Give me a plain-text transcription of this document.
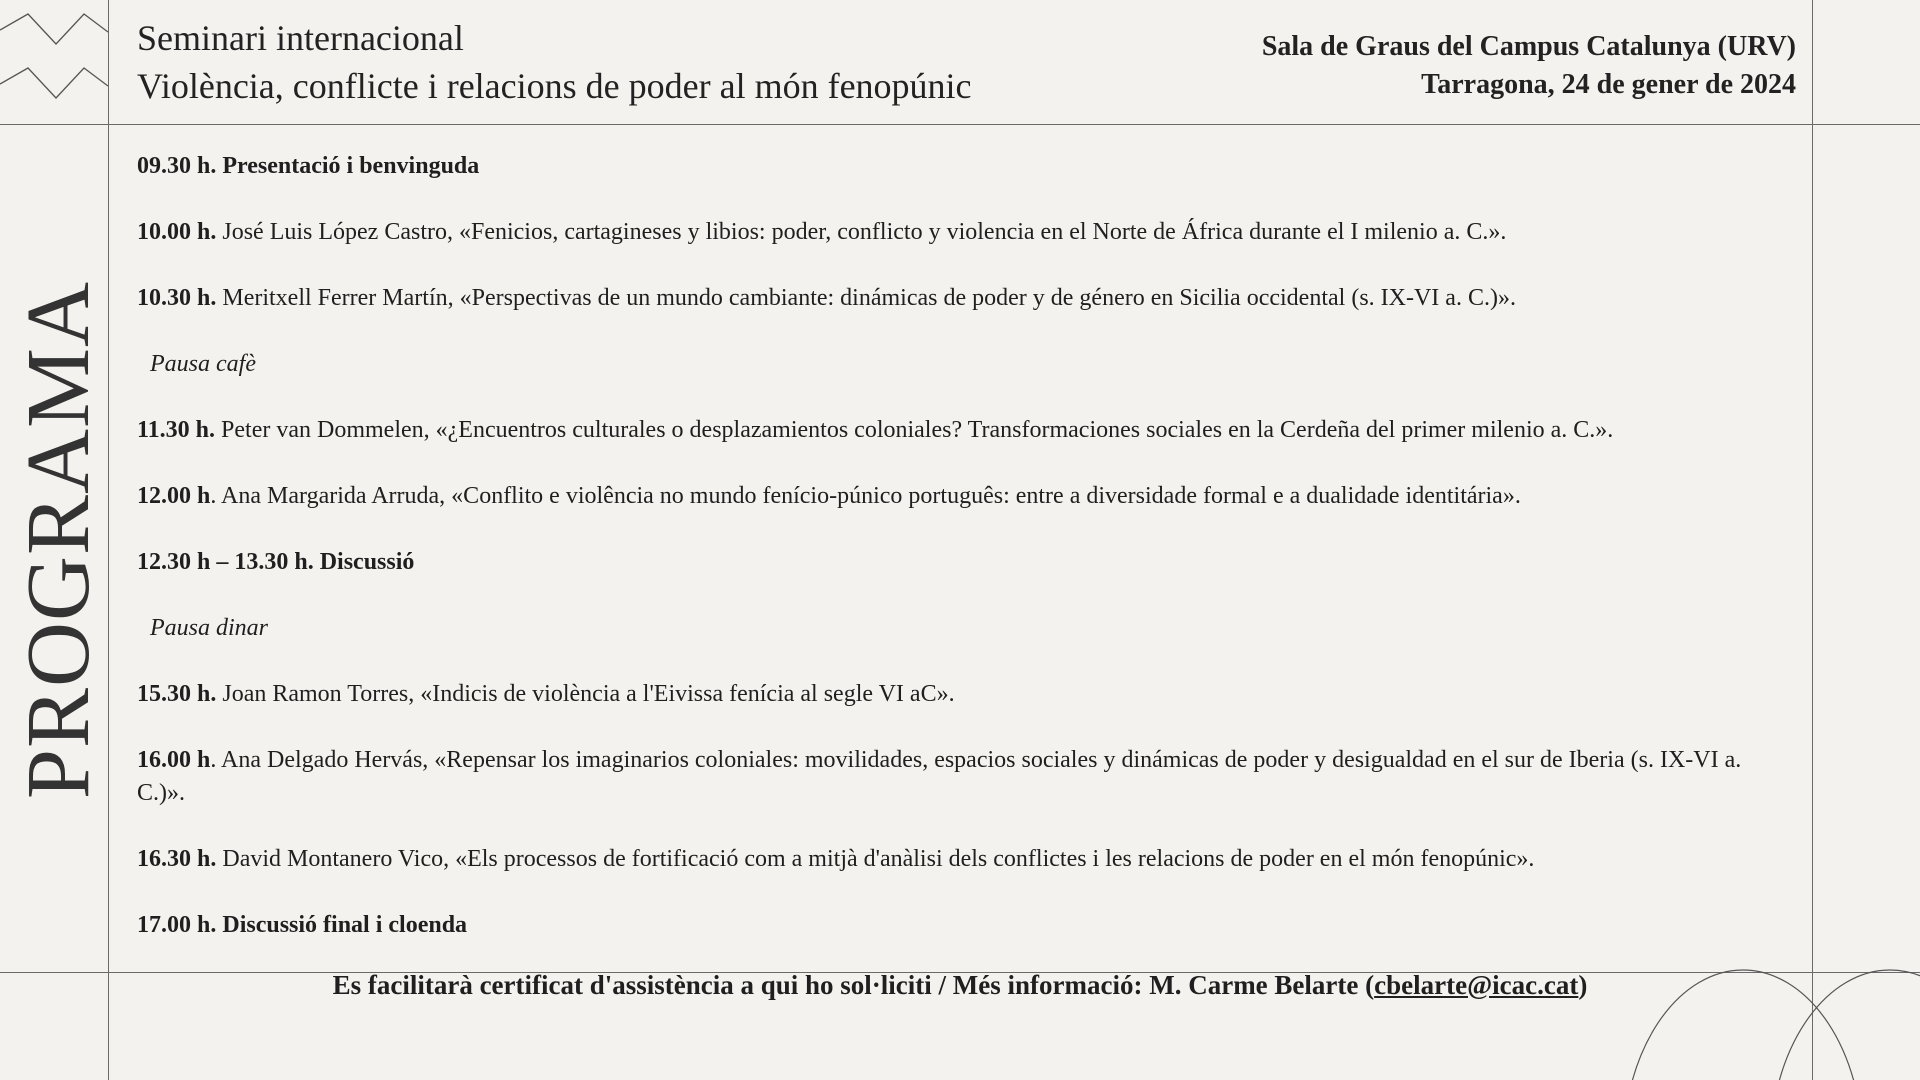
Seminari internacional
Violència, conflicte i relacions de poder al món fenopúnic
Sala de Graus del Campus Catalunya (URV)
Tarragona, 24 de gener de 2024
PROGRAMA
09.30 h. Presentació i benvinguda
10.00 h. José Luis López Castro, «Fenicios, cartagineses y libios: poder, conflicto y violencia en el Norte de África durante el I milenio a. C.».
10.30 h. Meritxell Ferrer Martín, «Perspectivas de un mundo cambiante: dinámicas de poder y de género en Sicilia occidental (s. IX-VI a. C.)».
Pausa cafè
11.30 h. Peter van Dommelen, «¿Encuentros culturales o desplazamientos coloniales? Transformaciones sociales en la Cerdeña del primer milenio a. C.».
12.00 h. Ana Margarida Arruda, «Conflito e violência no mundo fenício-púnico português: entre a diversidade formal e a dualidade identitária».
12.30 h – 13.30 h. Discussió
Pausa dinar
15.30 h. Joan Ramon Torres, «Indicis de violència a l'Eivissa fenícia al segle VI aC».
16.00 h. Ana Delgado Hervás, «Repensar los imaginarios coloniales: movilidades, espacios sociales y dinámicas de poder y desigualdad en el sur de Iberia (s. IX-VI a. C.)».
16.30 h. David Montanero Vico, «Els processos de fortificació com a mitjà d'anàlisi dels conflictes i les relacions de poder en el món fenopúnic».
17.00 h. Discussió final i cloenda
Es facilitarà certificat d'assistència a qui ho sol·liciti / Més informació: M. Carme Belarte (cbelarte@icac.cat)
